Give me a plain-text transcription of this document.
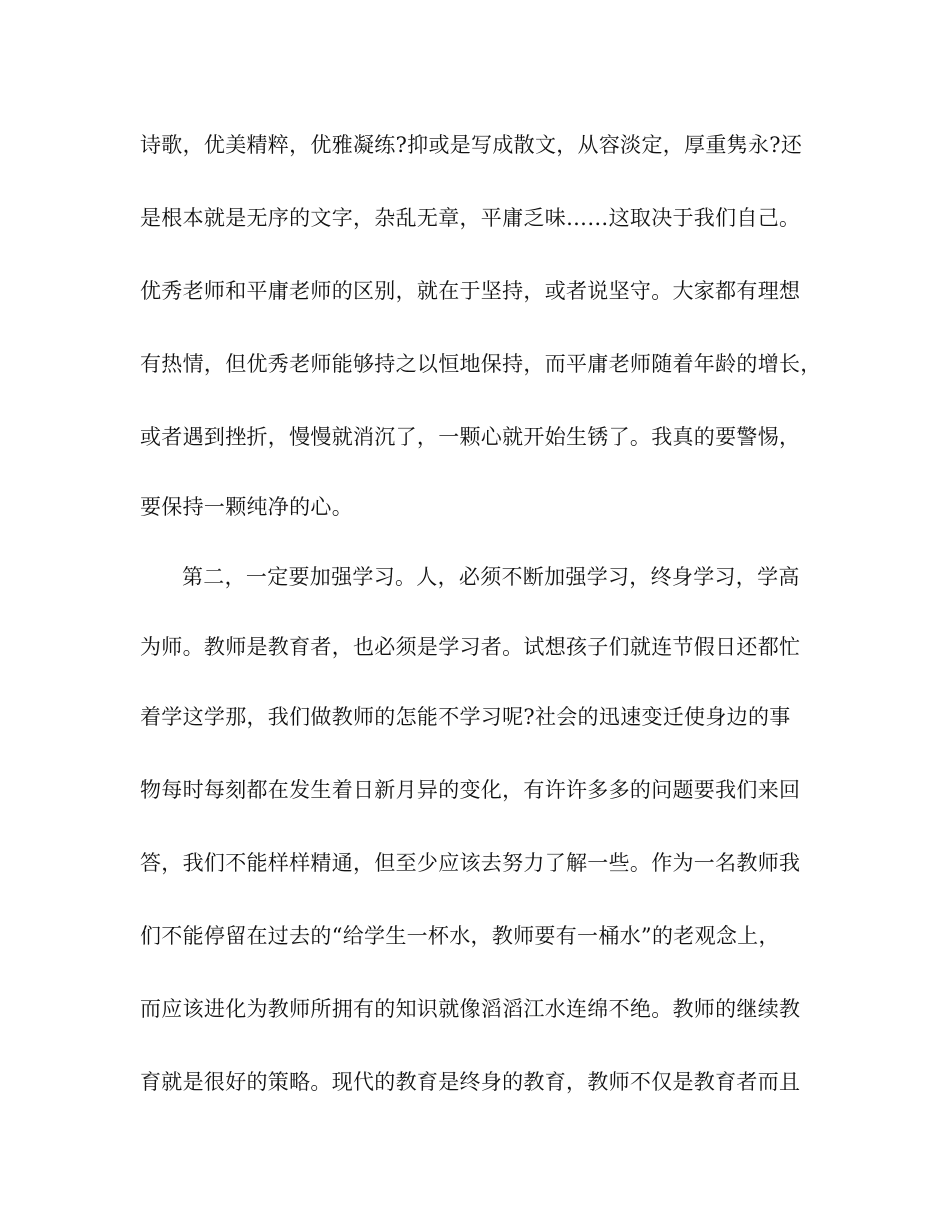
诗歌，优美精粹，优雅凝练?抑或是写成散文，从容淡定，厚重隽永?还
是根本就是无序的文字，杂乱无章，平庸乏味……这取决于我们自己。
优秀老师和平庸老师的区别，就在于坚持，或者说坚守。大家都有理想
有热情，但优秀老师能够持之以恒地保持，而平庸老师随着年龄的增长，
或者遇到挫折，慢慢就消沉了，一颗心就开始生锈了。我真的要警惕，
要保持一颗纯净的心。
第二，一定要加强学习。人，必须不断加强学习，终身学习，学高
为师。教师是教育者，也必须是学习者。试想孩子们就连节假日还都忙
着学这学那，我们做教师的怎能不学习呢?社会的迅速变迁使身边的事
物每时每刻都在发生着日新月异的变化，有许许多多的问题要我们来回
答，我们不能样样精通，但至少应该去努力了解一些。作为一名教师我
们不能停留在过去的“给学生一杯水，教师要有一桶水”的老观念上，
而应该进化为教师所拥有的知识就像滔滔江水连绵不绝。教师的继续教
育就是很好的策略。现代的教育是终身的教育，教师不仅是教育者而且
